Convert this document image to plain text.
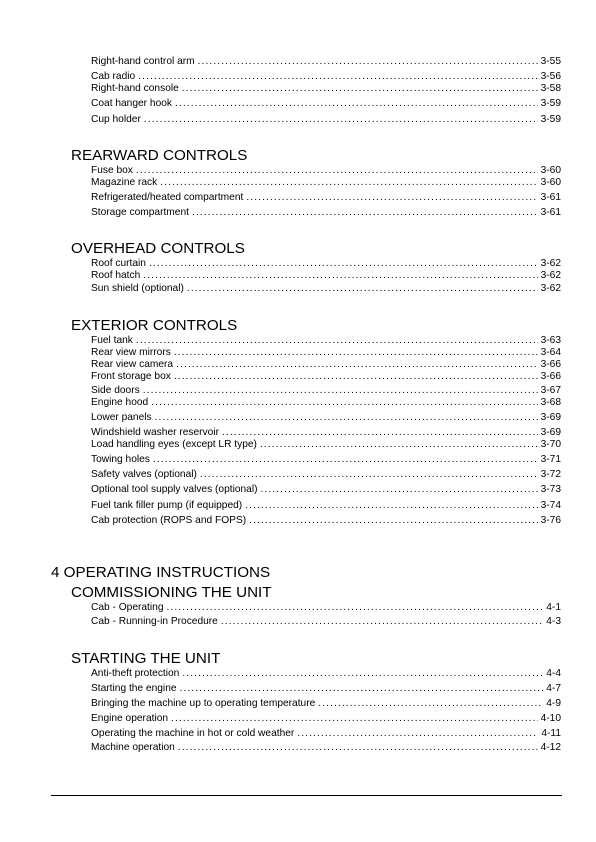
Right-hand control arm .....	3-55
Cab radio .....	3-56
Right-hand console .....	3-58
Coat hanger hook .....	3-59
Cup holder .....	3-59
REARWARD CONTROLS
Fuse box .....	3-60
Magazine rack .....	3-60
Refrigerated/heated compartment .....	3-61
Storage compartment .....	3-61
OVERHEAD CONTROLS
Roof curtain .....	3-62
Roof hatch .....	3-62
Sun shield (optional) .....	3-62
EXTERIOR CONTROLS
Fuel tank .....	3-63
Rear view mirrors .....	3-64
Rear view camera .....	3-66
Front storage box .....	3-66
Side doors .....	3-67
Engine hood .....	3-68
Lower panels .....	3-69
Windshield washer reservoir .....	3-69
Load handling eyes (except LR type) .....	3-70
Towing holes .....	3-71
Safety valves (optional) .....	3-72
Optional tool supply valves (optional) .....	3-73
Fuel tank filler pump (if equipped) .....	3-74
Cab protection (ROPS and FOPS) .....	3-76
4 OPERATING INSTRUCTIONS
COMMISSIONING THE UNIT
Cab - Operating .....	4-1
Cab - Running-in Procedure .....	4-3
STARTING THE UNIT
Anti-theft protection .....	4-4
Starting the engine .....	4-7
Bringing the machine up to operating temperature .....	4-9
Engine operation .....	4-10
Operating the machine in hot or cold weather .....	4-11
Machine operation .....	4-12
